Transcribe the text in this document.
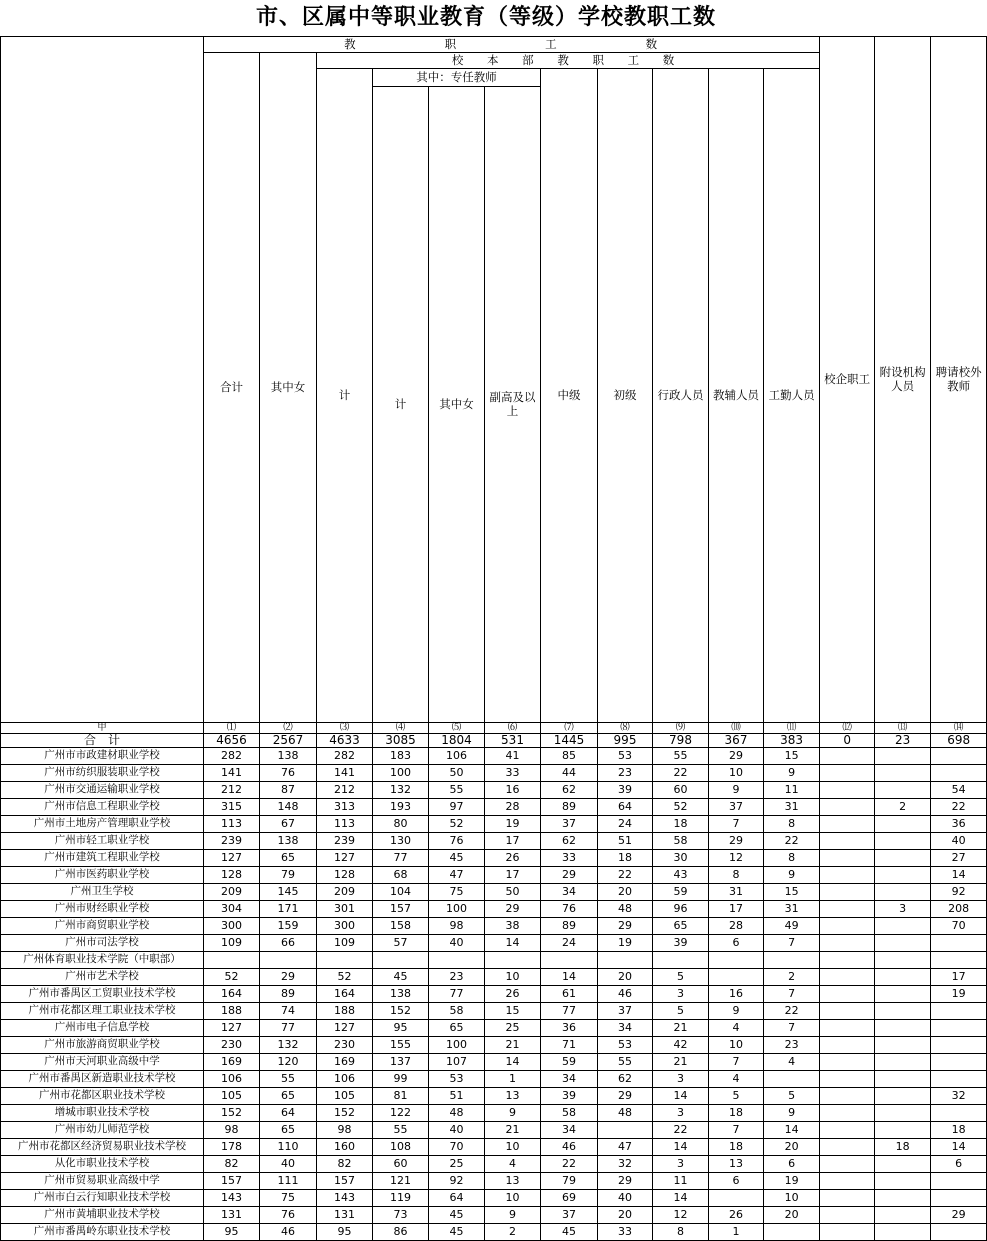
市、区属中等职业教育（等级）学校教职工数
	教　　职　　工　　数											校企职工	附设机构人员	聘请校外教师
	合计	其中女	校 本 部 教 职 工 数											
			计	其中：专任教师			中级	初级	行政人员	教辅人员	工勤人员			
				计	其中女	副高及以上								
甲	⑴	⑵	⑶	⑷	⑸	⑹	⑺	⑻	⑼	⑽	⑾	⑿	⒀	⒁
合　计	4656	2567	4633	3085	1804	531	1445	995	798	367	383	0	23	698
广州市市政建材职业学校	282	138	282	183	106	41	85	53	55	29	15			
广州市纺织服装职业学校	141	76	141	100	50	33	44	23	22	10	9			
广州市交通运输职业学校	212	87	212	132	55	16	62	39	60	9	11			54
广州市信息工程职业学校	315	148	313	193	97	28	89	64	52	37	31		2	22
广州市土地房产管理职业学校	113	67	113	80	52	19	37	24	18	7	8			36
广州市轻工职业学校	239	138	239	130	76	17	62	51	58	29	22			40
广州市建筑工程职业学校	127	65	127	77	45	26	33	18	30	12	8			27
广州市医药职业学校	128	79	128	68	47	17	29	22	43	8	9			14
广州卫生学校	209	145	209	104	75	50	34	20	59	31	15			92
广州市财经职业学校	304	171	301	157	100	29	76	48	96	17	31		3	208
广州市商贸职业学校	300	159	300	158	98	38	89	29	65	28	49			70
广州市司法学校	109	66	109	57	40	14	24	19	39	6	7			
广州体育职业技术学院（中职部）														
广州市艺术学校	52	29	52	45	23	10	14	20	5		2			17
广州市番禺区工贸职业技术学校	164	89	164	138	77	26	61	46	3	16	7			19
广州市花都区理工职业技术学校	188	74	188	152	58	15	77	37	5	9	22			
广州市电子信息学校	127	77	127	95	65	25	36	34	21	4	7			
广州市旅游商贸职业学校	230	132	230	155	100	21	71	53	42	10	23			
广州市天河职业高级中学	169	120	169	137	107	14	59	55	21	7	4			
广州市番禺区新造职业技术学校	106	55	106	99	53	1	34	62	3	4				
广州市花都区职业技术学校	105	65	105	81	51	13	39	29	14	5	5			32
增城市职业技术学校	152	64	152	122	48	9	58	48	3	18	9			
广州市幼儿师范学校	98	65	98	55	40	21	34		22	7	14			18
广州市花都区经济贸易职业技术学校	178	110	160	108	70	10	46	47	14	18	20		18	14
从化市职业技术学校	82	40	82	60	25	4	22	32	3	13	6			6
广州市贸易职业高级中学	157	111	157	121	92	13	79	29	11	6	19			
广州市白云行知职业技术学校	143	75	143	119	64	10	69	40	14		10			
广州市黄埔职业技术学校	131	76	131	73	45	9	37	20	12	26	20			29
广州市番禺岭东职业技术学校	95	46	95	86	45	2	45	33	8	1				
